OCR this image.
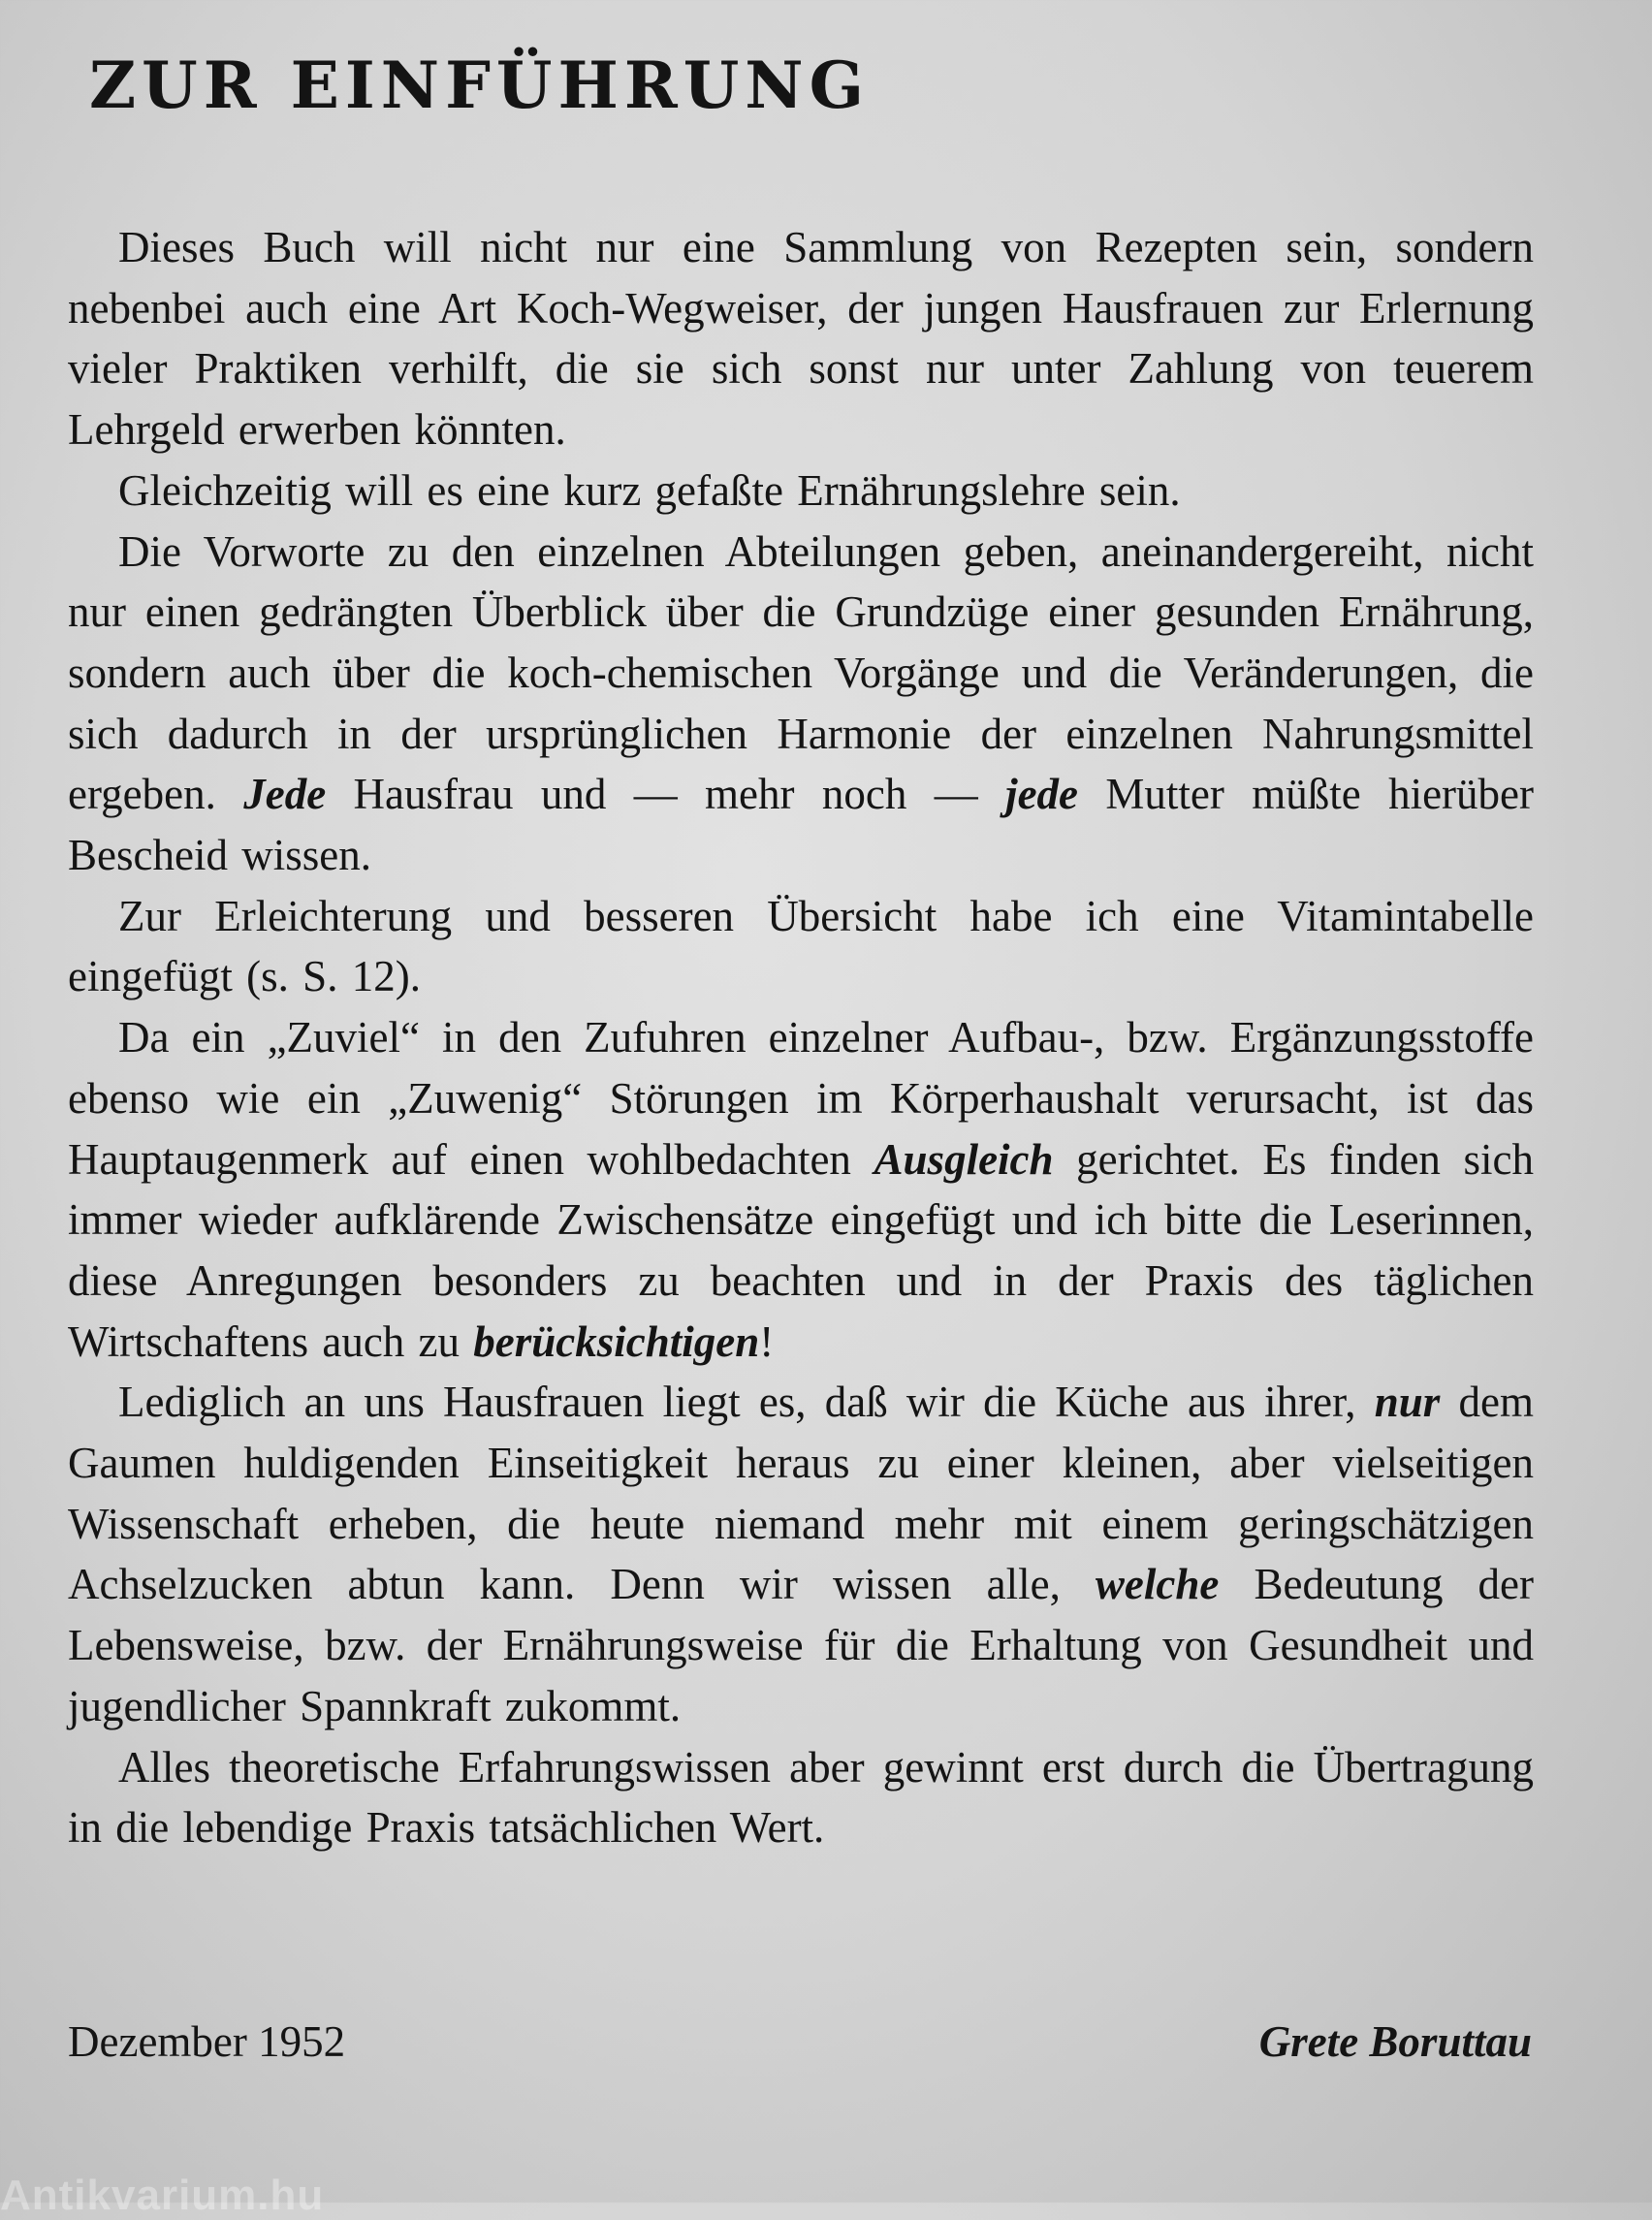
ZUR EINFÜHRUNG

Dieses Buch will nicht nur eine Sammlung von Rezepten sein, sondern nebenbei auch eine Art Koch-Wegweiser, der jungen Hausfrauen zur Erlernung vieler Praktiken verhilft, die sie sich sonst nur unter Zahlung von teuerem Lehrgeld erwerben könnten.

Gleichzeitig will es eine kurz gefaßte Ernährungslehre sein.

Die Vorworte zu den einzelnen Abteilungen geben, aneinandergereiht, nicht nur einen gedrängten Überblick über die Grundzüge einer gesunden Ernährung, sondern auch über die koch-chemischen Vorgänge und die Veränderungen, die sich dadurch in der ursprünglichen Harmonie der einzelnen Nahrungsmittel ergeben. Jede Hausfrau und — mehr noch — jede Mutter müßte hierüber Bescheid wissen.

Zur Erleichterung und besseren Übersicht habe ich eine Vitamintabelle eingefügt (s. S. 12).

Da ein „Zuviel“ in den Zufuhren einzelner Aufbau-, bzw. Ergänzungsstoffe ebenso wie ein „Zuwenig“ Störungen im Körperhaushalt verursacht, ist das Hauptaugenmerk auf einen wohlbedachten Ausgleich gerichtet. Es finden sich immer wieder aufklärende Zwischensätze eingefügt und ich bitte die Leserinnen, diese Anregungen besonders zu beachten und in der Praxis des täglichen Wirtschaftens auch zu berücksichtigen!

Lediglich an uns Hausfrauen liegt es, daß wir die Küche aus ihrer, nur dem Gaumen huldigenden Einseitigkeit heraus zu einer kleinen, aber vielseitigen Wissenschaft erheben, die heute niemand mehr mit einem geringschätzigen Achselzucken abtun kann. Denn wir wissen alle, welche Bedeutung der Lebensweise, bzw. der Ernährungsweise für die Erhaltung von Gesundheit und jugendlicher Spannkraft zukommt.

Alles theoretische Erfahrungswissen aber gewinnt erst durch die Übertragung in die lebendige Praxis tatsächlichen Wert.

Dezember 1952	Grete Boruttau
Antikvarium.hu
